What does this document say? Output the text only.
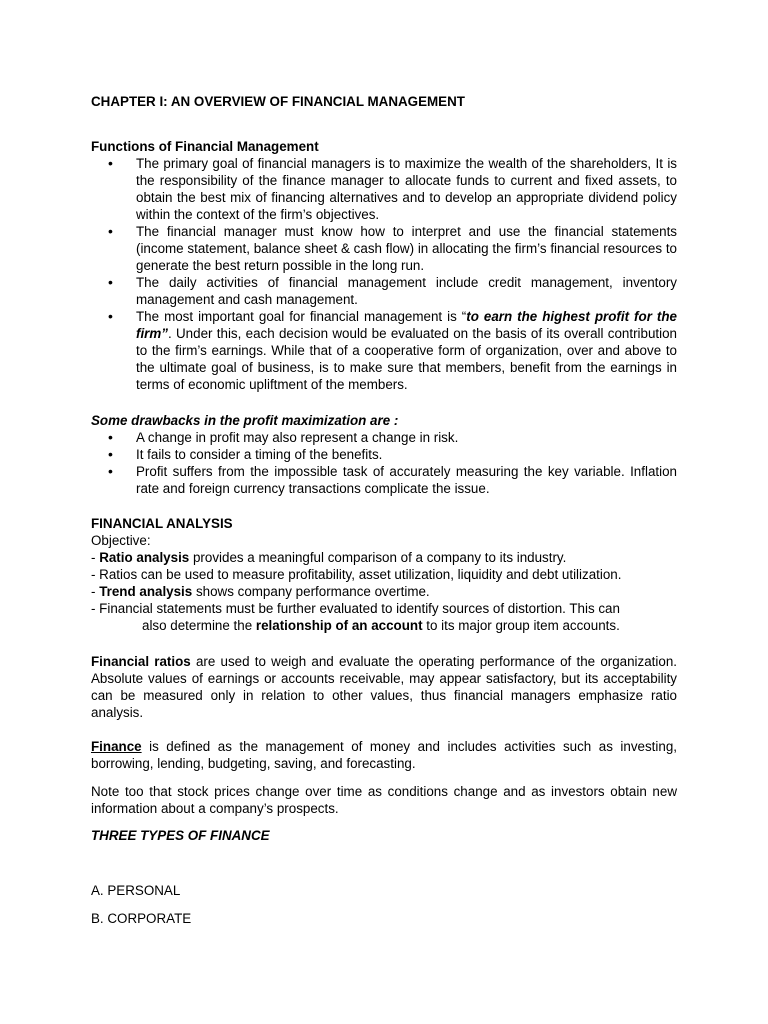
CHAPTER I: AN OVERVIEW OF FINANCIAL MANAGEMENT
Functions of Financial Management
• The primary goal of financial managers is to maximize the wealth of the shareholders, It is the responsibility of the finance manager to allocate funds to current and fixed assets, to obtain the best mix of financing alternatives and to develop an appropriate dividend policy within the context of the firm’s objectives.
• The financial manager must know how to interpret and use the financial statements (income statement, balance sheet & cash flow) in allocating the firm’s financial resources to generate the best return possible in the long run.
• The daily activities of financial management include credit management, inventory management and cash management.
• The most important goal for financial management is “to earn the highest profit for the firm”. Under this, each decision would be evaluated on the basis of its overall contribution to the firm’s earnings. While that of a cooperative form of organization, over and above to the ultimate goal of business, is to make sure that members, benefit from the earnings in terms of economic upliftment of the members.
Some drawbacks in the profit maximization are :
• A change in profit may also represent a change in risk.
• It fails to consider a timing of the benefits.
• Profit suffers from the impossible task of accurately measuring the key variable. Inflation rate and foreign currency transactions complicate the issue.
FINANCIAL ANALYSIS
Objective:
- Ratio analysis provides a meaningful comparison of a company to its industry.
- Ratios can be used to measure profitability, asset utilization, liquidity and debt utilization.
- Trend analysis shows company performance overtime.
- Financial statements must be further evaluated to identify sources of distortion. This can
also determine the relationship of an account to its major group item accounts.
Financial ratios are used to weigh and evaluate the operating performance of the organization. Absolute values of earnings or accounts receivable, may appear satisfactory, but its acceptability can be measured only in relation to other values, thus financial managers emphasize ratio analysis.
Finance is defined as the management of money and includes activities such as investing, borrowing, lending, budgeting, saving, and forecasting.
Note too that stock prices change over time as conditions change and as investors obtain new information about a company’s prospects.
THREE TYPES OF FINANCE
A. PERSONAL
B. CORPORATE
